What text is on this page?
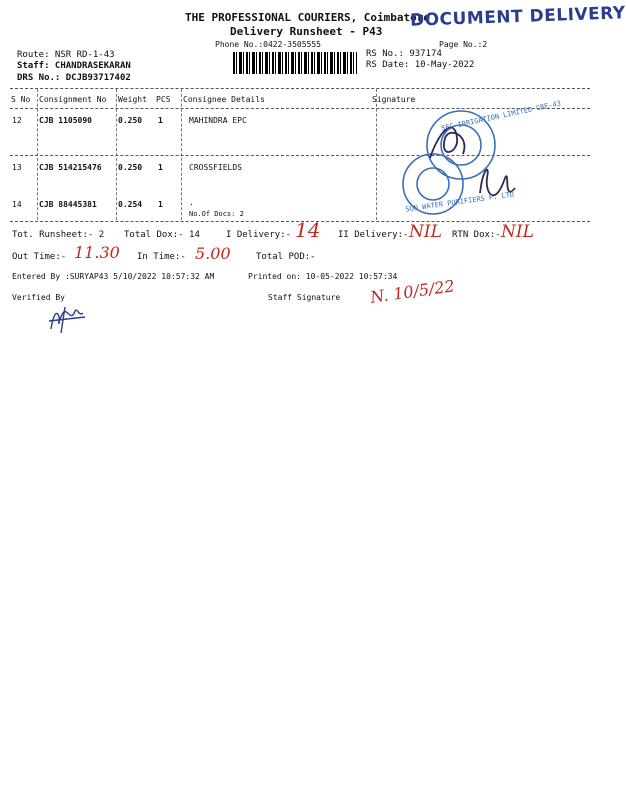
THE PROFESSIONAL COURIERS, Coimbatore
Delivery Runsheet - P43
Phone No.:0422-3505555	Page No.:2
DOCUMENT DELIVERY
Route: NSR RD-1-43
Staff: CHANDRASEKARAN
DRS No.: DCJB93717402
RS No.: 937174
RS Date: 10-May-2022
S No Consignment No Weight PCS Consignee Details	Signature
12 CJB 1105090	0.250 1	MAHINDRA EPC
13 CJB 514215476 0.250 1	CROSSFIELDS
14 CJB 88445381	0.254 1	.
No.Of Docs: 2
SEC-IRRIGATION LIMITED CBE-43
SUN WATER PURIFIERS P. LTD
Tot. Runsheet:- 2 Total Dox:- 14	I Delivery:- 14 II Delivery:- NIL RTN Dox:- NIL
Out Time:- 11.30 In Time:- 5.00	Total POD:-
Entered By :SURYAP43 5/10/2022 10:57:32 AM	Printed on: 10-05-2022 10:57:34
Verified By	Staff Signature N. 10/5/22
